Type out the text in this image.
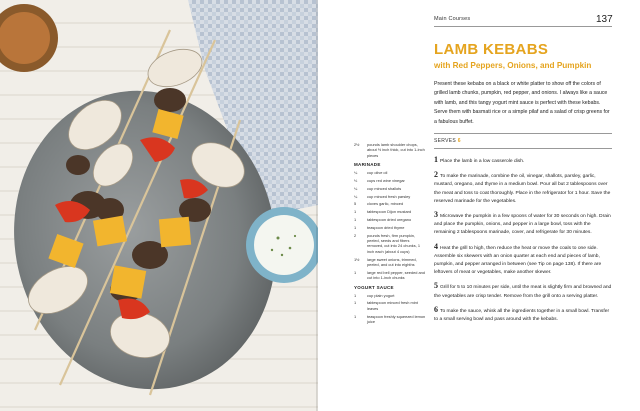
Main Courses	137
LAMB KEBABS
with Red Peppers, Onions, and Pumpkin
Present these kebabs on a black or white platter to show off the colors of grilled lamb chunks, pumpkin, red pepper, and onions. I always like a sauce with lamb, and this tangy yogurt mint sauce is perfect with these kebabs. Serve them with basmati rice or a simple pilaf and a salad of crisp greens for a fabulous buffet.
SERVES 6
2½	pounds lamb shoulder chops, about ½ inch thick, cut into 1-inch pieces
MARINADE
¼	cup olive oil
⅓	cups red wine vinegar
¼	cup minced shallots
¼	cup minced fresh parsley
5	cloves garlic, minced
1	tablespoon Dijon mustard
1	tablespoon dried oregano
1	teaspoon dried thyme
2	pounds fresh, firm pumpkin, peeled, seeds and fibers removed, cut into 24 chunks, 1 inch each (about 4 cups)
1½	large sweet onions, trimmed, peeled, and cut into eighths
1	large red bell pepper, seeded and cut into 1-inch chunks
YOGURT SAUCE
1	cup plain yogurt
1	tablespoon minced fresh mint leaves
1	teaspoon freshly squeezed lemon juice
1 Place the lamb in a low casserole dish.
2 To make the marinade, combine the oil, vinegar, shallots, parsley, garlic, mustard, oregano, and thyme in a medium bowl. Pour all but 2 tablespoons over the meat and toss to coat thoroughly. Place in the refrigerator for 1 hour. Save the reserved marinade for the vegetables.
3 Microwave the pumpkin in a few spoons of water for 30 seconds on high. Drain and place the pumpkin, onions, and pepper in a large bowl, toss with the remaining 2 tablespoons marinade, cover, and refrigerate for 30 minutes.
4 Heat the grill to high, then reduce the heat or move the coals to one side. Assemble six skewers with an onion quarter at each end and pieces of lamb, pumpkin, and pepper arranged in between (see Tip on page 138). If there are leftovers of meat or vegetables, make another skewer.
5 Grill for 5 to 10 minutes per side, until the meat is slightly firm and browned and the vegetables are crisp tender. Remove from the grill onto a serving platter.
6 To make the sauce, whisk all the ingredients together in a small bowl. Transfer to a small serving bowl and pass around with the kebabs.
